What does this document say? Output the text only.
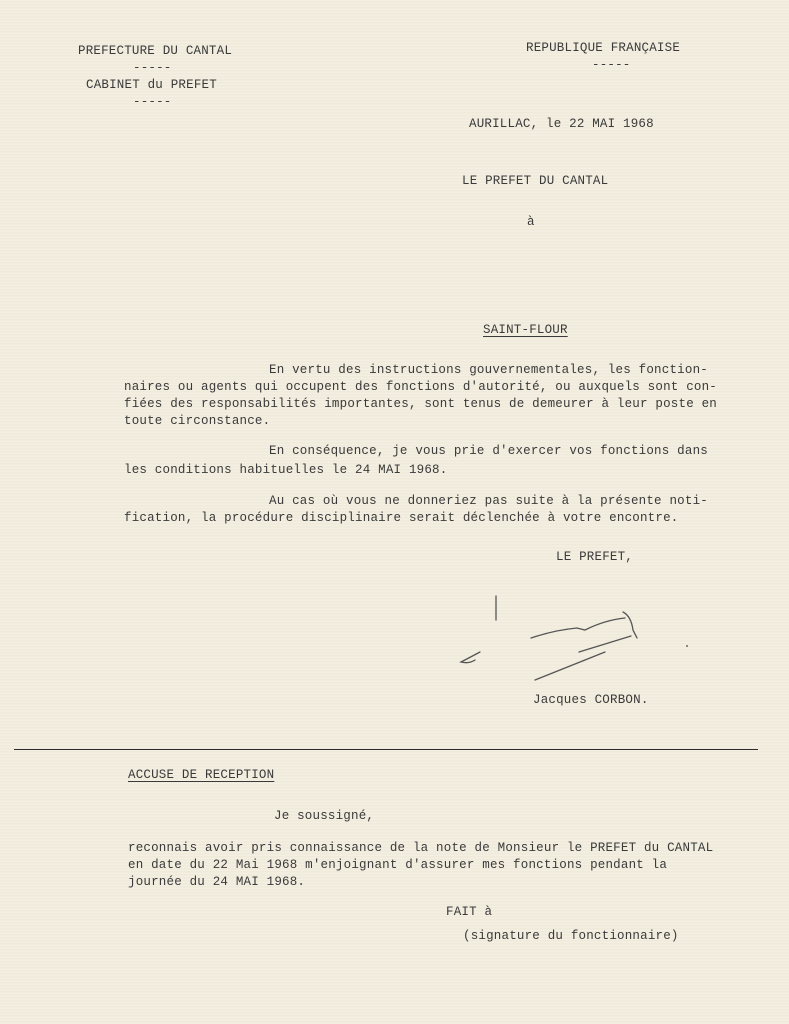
PREFECTURE DU CANTAL
-----
CABINET du PREFET
-----
REPUBLIQUE FRANÇAISE
-----
AURILLAC, le 22 MAI 1968
LE PREFET DU CANTAL
à
SAINT-FLOUR
En vertu des instructions gouvernementales, les fonction-
naires ou agents qui occupent des fonctions d'autorité, ou auxquels sont con-
fiées des responsabilités importantes, sont tenus de demeurer à leur poste en
toute circonstance.
En conséquence, je vous prie d'exercer vos fonctions dans
les conditions habituelles le 24 MAI 1968.
Au cas où vous ne donneriez pas suite à la présente noti-
fication, la procédure disciplinaire serait déclenchée à votre encontre.
LE PREFET,
Jacques CORBON.
ACCUSE DE RECEPTION
Je soussigné,
reconnais avoir pris connaissance de la note de Monsieur le PREFET du CANTAL
en date du 22 Mai 1968 m'enjoignant d'assurer mes fonctions pendant la
journée du 24 MAI 1968.
FAIT à
(signature du fonctionnaire)
